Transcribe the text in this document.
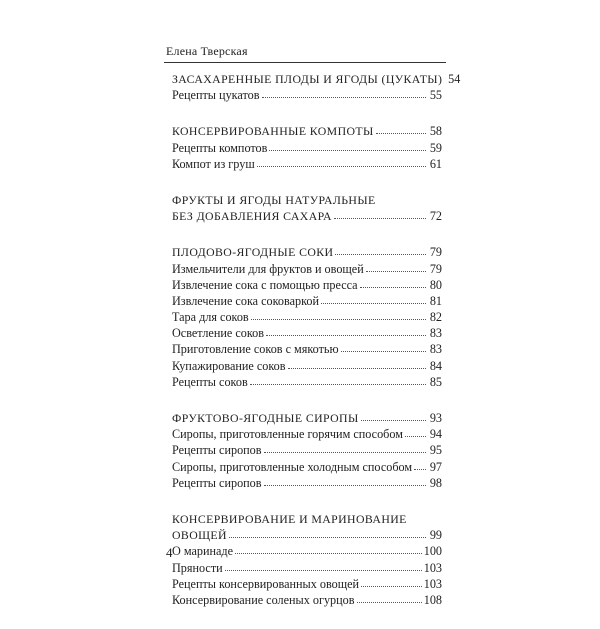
Елена Тверская
ЗАСАХАРЕННЫЕ ПЛОДЫ И ЯГОДЫ (ЦУКАТЫ) 54
Рецепты цукатов	55
КОНСЕРВИРОВАННЫЕ КОМПОТЫ	58
Рецепты компотов	59
Компот из груш	61
ФРУКТЫ И ЯГОДЫ НАТУРАЛЬНЫЕ
БЕЗ ДОБАВЛЕНИЯ САХАРА	72
ПЛОДОВО-ЯГОДНЫЕ СОКИ	79
Измельчители для фруктов и овощей	79
Извлечение сока с помощью пресса	80
Извлечение сока соковаркой	81
Тара для соков	82
Осветление соков	83
Приготовление соков с мякотью	83
Купажирование соков	84
Рецепты соков	85
ФРУКТОВО-ЯГОДНЫЕ СИРОПЫ	93
Сиропы, приготовленные горячим способом 94
Рецепты сиропов	95
Сиропы, приготовленные холодным способом 97
Рецепты сиропов	98
КОНСЕРВИРОВАНИЕ И МАРИНОВАНИЕ
ОВОЩЕЙ	99
О маринаде	100
Пряности	103
Рецепты консервированных овощей	103
Консервирование соленых огурцов	108
4
